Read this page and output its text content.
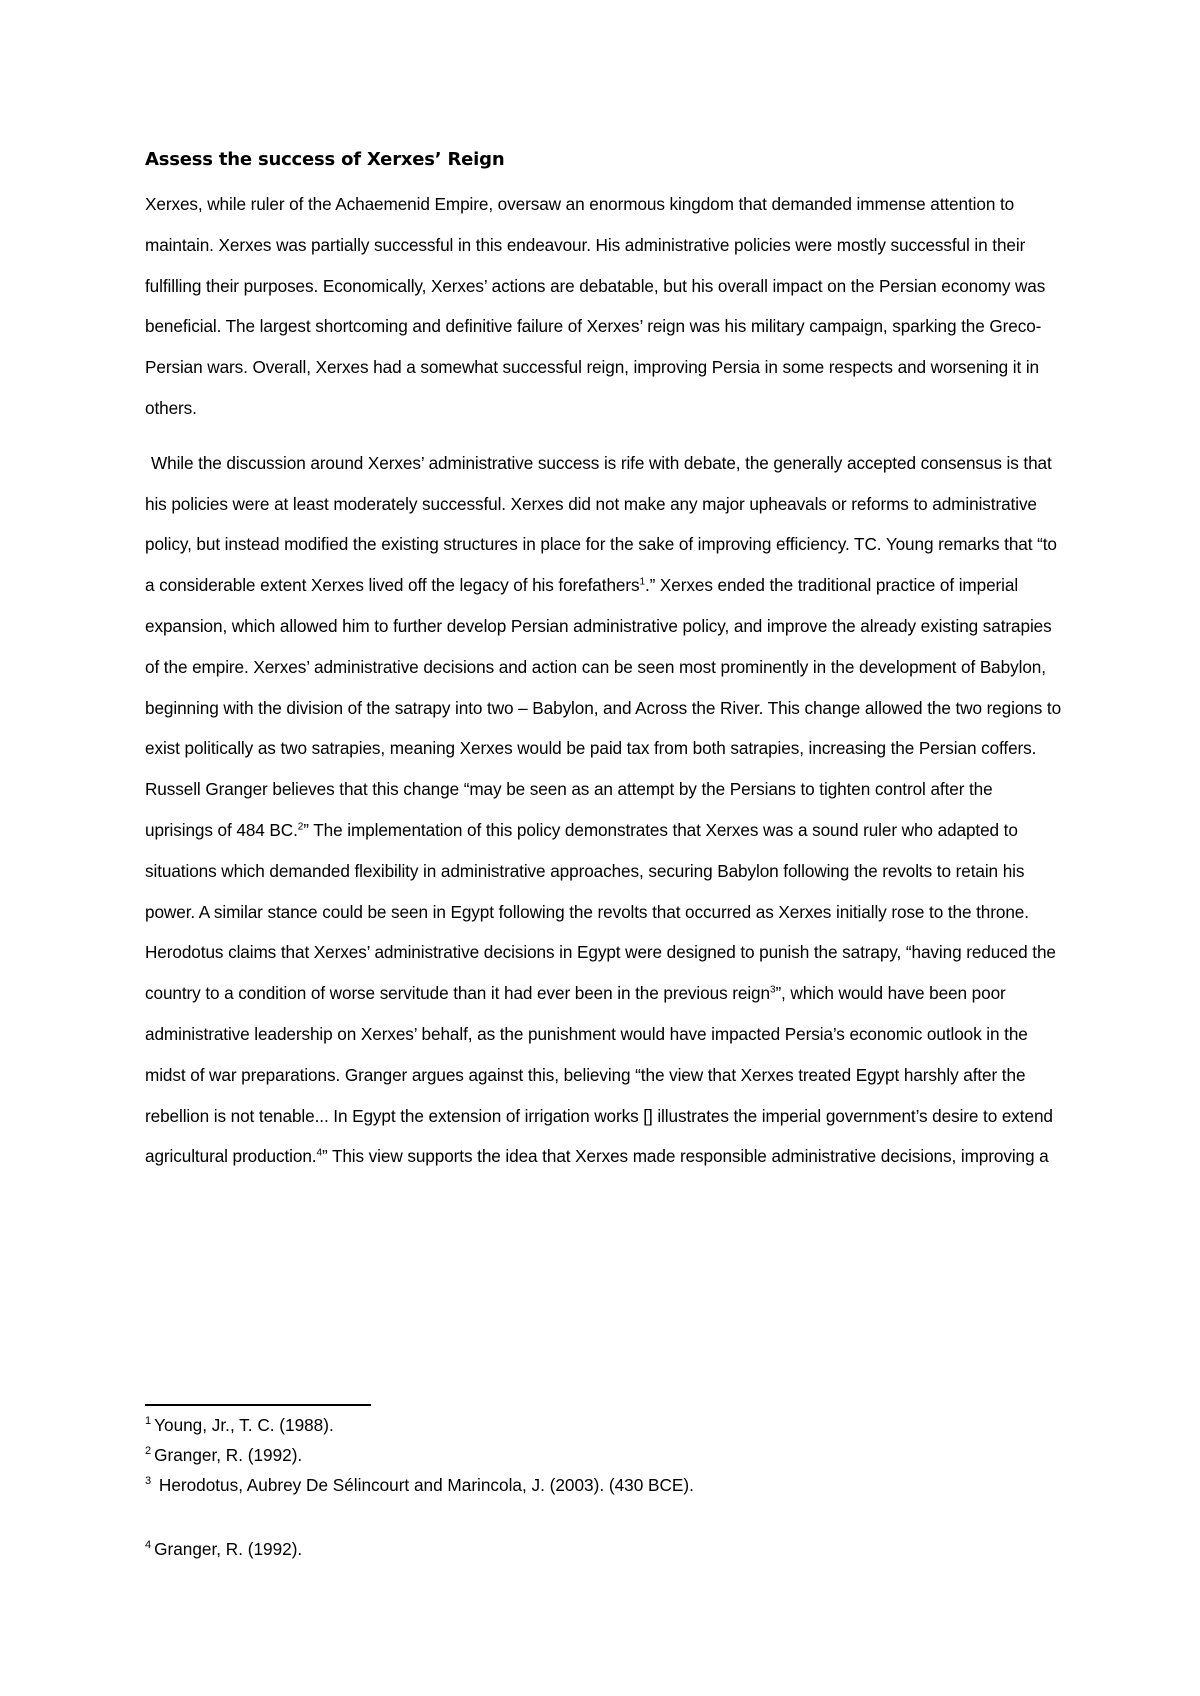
Assess the success of Xerxes’ Reign

Xerxes, while ruler of the Achaemenid Empire, oversaw an enormous kingdom that demanded immense attention to maintain. Xerxes was partially successful in this endeavour. His administrative policies were mostly successful in their fulfilling their purposes. Economically, Xerxes’ actions are debatable, but his overall impact on the Persian economy was beneficial. The largest shortcoming and definitive failure of Xerxes’ reign was his military campaign, sparking the Greco-Persian wars. Overall, Xerxes had a somewhat successful reign, improving Persia in some respects and worsening it in others.

While the discussion around Xerxes’ administrative success is rife with debate, the generally accepted consensus is that his policies were at least moderately successful. Xerxes did not make any major upheavals or reforms to administrative policy, but instead modified the existing structures in place for the sake of improving efficiency. TC. Young remarks that “to a considerable extent Xerxes lived off the legacy of his forefathers$^1$.” Xerxes ended the traditional practice of imperial expansion, which allowed him to further develop Persian administrative policy, and improve the already existing satrapies of the empire. Xerxes’ administrative decisions and action can be seen most prominently in the development of Babylon, beginning with the division of the satrapy into two – Babylon, and Across the River. This change allowed the two regions to exist politically as two satrapies, meaning Xerxes would be paid tax from both satrapies, increasing the Persian coffers. Russell Granger believes that this change “may be seen as an attempt by the Persians to tighten control after the uprisings of 484 BC.$^2$” The implementation of this policy demonstrates that Xerxes was a sound ruler who adapted to situations which demanded flexibility in administrative approaches, securing Babylon following the revolts to retain his power. A similar stance could be seen in Egypt following the revolts that occurred as Xerxes initially rose to the throne. Herodotus claims that Xerxes’ administrative decisions in Egypt were designed to punish the satrapy, “having reduced the country to a condition of worse servitude than it had ever been in the previous reign$^3$”, which would have been poor administrative leadership on Xerxes’ behalf, as the punishment would have impacted Persia’s economic outlook in the midst of war preparations. Granger argues against this, believing “the view that Xerxes treated Egypt harshly after the rebellion is not tenable... In Egypt the extension of irrigation works [] illustrates the imperial government’s desire to extend agricultural production.$^4$” This view supports the idea that Xerxes made responsible administrative decisions, improving a

$^1$ Young, Jr., T. C. (1988).

$^2$ Granger, R. (1992).

$^3$ Herodotus, Aubrey De Sélincourt and Marincola, J. (2003). (430 BCE).

$^4$ Granger, R. (1992).
